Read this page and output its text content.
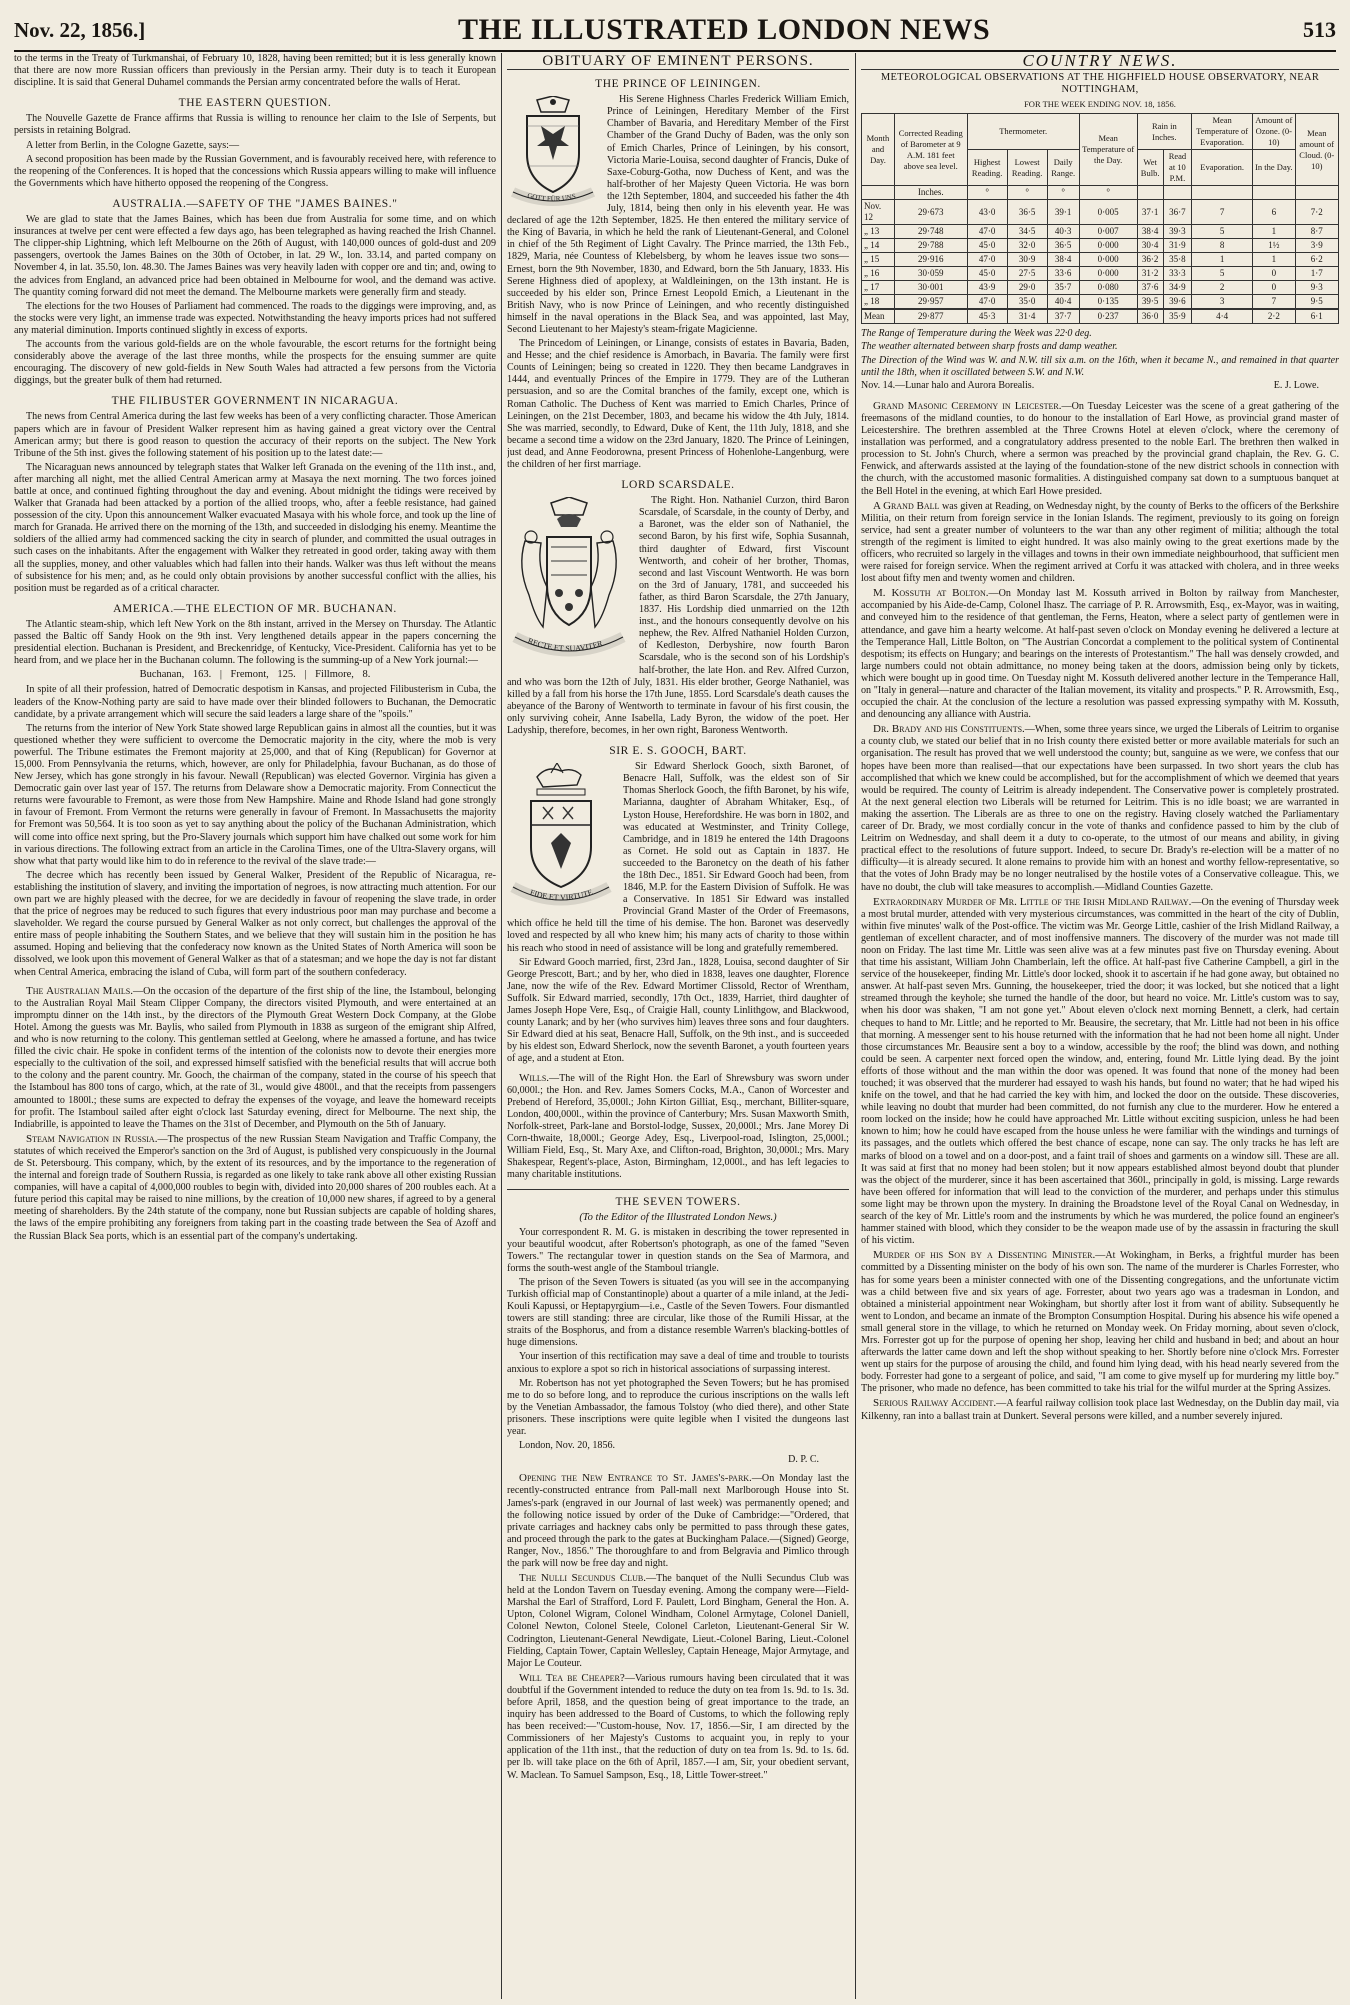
Nov. 22, 1856.]	THE ILLUSTRATED LONDON NEWS	513

to the terms in the Treaty of Turkmanshai, of February 10, 1828, having been remitted; but it is less generally known that there are now more Russian officers than previously in the Persian army. Their duty is to teach it European discipline. It is said that General Duhamel commands the Persian army concentrated before the walls of Herat.

THE EASTERN QUESTION.

The Nouvelle Gazette de France affirms that Russia is willing to renounce her claim to the Isle of Serpents, but persists in retaining Bolgrad.

A letter from Berlin, in the Cologne Gazette, says:—

A second proposition has been made by the Russian Government, and is favourably received here, with reference to the reopening of the Conferences. It is hoped that the concessions which Russia appears willing to make will influence the Governments which have hitherto opposed the reopening of the Congress.

AUSTRALIA.—SAFETY OF THE "JAMES BAINES."

We are glad to state that the James Baines, which has been due from Australia for some time, and on which insurances at twelve per cent were effected a few days ago, has been telegraphed as having reached the Irish Channel. The clipper-ship Lightning, which left Melbourne on the 26th of August, with 140,000 ounces of gold-dust and 209 passengers, overtook the James Baines on the 30th of October, in lat. 29 W., lon. 33.14, and parted company on November 4, in lat. 35.50, lon. 48.30. The James Baines was very heavily laden with copper ore and tin; and, owing to the advices from England, an advanced price had been obtained in Melbourne for wool, and the demand was active. The quantity coming forward did not meet the demand. The Melbourne markets were generally firm and steady.

The elections for the two Houses of Parliament had commenced. The roads to the diggings were improving, and, as the stocks were very light, an immense trade was expected. Notwithstanding the heavy imports prices had not suffered any material diminution. Imports continued slightly in excess of exports.

The accounts from the various gold-fields are on the whole favourable, the escort returns for the fortnight being considerably above the average of the last three months, while the prospects for the ensuing summer are quite encouraging. The discovery of new gold-fields in New South Wales had attracted a few persons from the Victoria diggings, but the greater bulk of them had returned.

THE FILIBUSTER GOVERNMENT IN NICARAGUA.

The news from Central America during the last few weeks has been of a very conflicting character. Those American papers which are in favour of President Walker represent him as having gained a great victory over the Central American army; but there is good reason to question the accuracy of their reports on the subject. The New York Tribune of the 5th inst. gives the following statement of his position up to the latest date:—

The Nicaraguan news announced by telegraph states that Walker left Granada on the evening of the 11th inst., and, after marching all night, met the allied Central American army at Masaya the next morning. The two forces joined battle at once, and continued fighting throughout the day and evening. About midnight the tidings were received by Walker that Granada had been attacked by a portion of the allied troops, who, after a feeble resistance, had gained possession of the city. Upon this announcement Walker evacuated Masaya with his whole force, and took up the line of march for Granada. He arrived there on the morning of the 13th, and succeeded in dislodging his enemy. Meantime the soldiers of the allied army had commenced sacking the city in search of plunder, and committed the usual outrages in such cases on the inhabitants. After the engagement with Walker they retreated in good order, taking away with them all the supplies, money, and other valuables which had fallen into their hands. Walker was thus left without the means of subsistence for his men; and, as he could only obtain provisions by another successful conflict with the allies, his position must be regarded as of a critical character.

AMERICA.—THE ELECTION OF MR. BUCHANAN.

The Atlantic steam-ship, which left New York on the 8th instant, arrived in the Mersey on Thursday. The Atlantic passed the Baltic off Sandy Hook on the 9th inst. Very lengthened details appear in the papers concerning the presidential election. Buchanan is President, and Breckenridge, of Kentucky, Vice-President. California has yet to be heard from, and we place her in the Buchanan column. The following is the summing-up of a New York journal:—

Buchanan, 163. | Fremont, 125. | Fillmore, 8.

In spite of all their profession, hatred of Democratic despotism in Kansas, and projected Filibusterism in Cuba, the leaders of the Know-Nothing party are said to have made over their blinded followers to Buchanan, the Democratic candidate, by a private arrangement which will secure the said leaders a large share of the "spoils."

The returns from the interior of New York State showed large Republican gains in almost all the counties, but it was questioned whether they were sufficient to overcome the Democratic majority in the city, where the mob is very powerful. The Tribune estimates the Fremont majority at 25,000, and that of King (Republican) for Governor at 15,000. From Pennsylvania the returns, which, however, are only for Philadelphia, favour Buchanan, as do those of New Jersey, which has gone strongly in his favour. Newall (Republican) was elected Governor. Virginia has given a Democratic gain over last year of 157. The returns from Delaware show a Democratic majority. From Connecticut the returns were favourable to Fremont, as were those from New Hampshire. Maine and Rhode Island had gone strongly in favour of Fremont. From Vermont the returns were generally in favour of Fremont. In Massachusetts the majority for Fremont was 50,564. It is too soon as yet to say anything about the policy of the Buchanan Administration, which will come into office next spring, but the Pro-Slavery journals which support him have chalked out some work for him in various directions. The following extract from an article in the Carolina Times, one of the Ultra-Slavery organs, will show what that party would like him to do in reference to the revival of the slave trade:—

The decree which has recently been issued by General Walker, President of the Republic of Nicaragua, re-establishing the institution of slavery, and inviting the importation of negroes, is now attracting much attention. For our own part we are highly pleased with the decree, for we are decidedly in favour of reopening the slave trade, in order that the price of negroes may be reduced to such figures that every industrious poor man may purchase and become a slaveholder. We regard the course pursued by General Walker as not only correct, but challenges the approval of the entire mass of people inhabiting the Southern States, and we believe that they will sustain him in the position he has assumed. Hoping and believing that the confederacy now known as the United States of North America will soon be dissolved, we look upon this movement of General Walker as that of a statesman; and we hope the day is not far distant when Central America, embracing the island of Cuba, will form part of the southern confederacy.

The Australian Mails.—On the occasion of the departure of the first ship of the line, the Istamboul, belonging to the Australian Royal Mail Steam Clipper Company, the directors visited Plymouth, and were entertained at an impromptu dinner on the 14th inst., by the directors of the Plymouth Great Western Dock Company, at the Globe Hotel. Among the guests was Mr. Baylis, who sailed from Plymouth in 1838 as surgeon of the emigrant ship Alfred, and who is now returning to the colony. This gentleman settled at Geelong, where he amassed a fortune, and has twice filled the civic chair. He spoke in confident terms of the intention of the colonists now to devote their energies more especially to the cultivation of the soil, and expressed himself satisfied with the beneficial results that will accrue both to the colony and the parent country. Mr. Gooch, the chairman of the company, stated in the course of his speech that the Istamboul has 800 tons of cargo, which, at the rate of 3l., would give 4800l., and that the receipts from passengers amounted to 1800l.; these sums are expected to defray the expenses of the voyage, and leave the homeward receipts for profit. The Istamboul sailed after eight o'clock last Saturday evening, direct for Melbourne. The next ship, the Indiabrille, is appointed to leave the Thames on the 31st of December, and Plymouth on the 5th of January.

Steam Navigation in Russia.—The prospectus of the new Russian Steam Navigation and Traffic Company, the statutes of which received the Emperor's sanction on the 3rd of August, is published very conspicuously in the Journal de St. Petersbourg. This company, which, by the extent of its resources, and by the importance to the regeneration of the internal and foreign trade of Southern Russia, is regarded as one likely to take rank above all other existing Russian companies, will have a capital of 4,000,000 roubles to begin with, divided into 20,000 shares of 200 roubles each. At a future period this capital may be raised to nine millions, by the creation of 10,000 new shares, if agreed to by a general meeting of shareholders. By the 24th statute of the company, none but Russian subjects are capable of holding shares, the laws of the empire prohibiting any foreigners from taking part in the coasting trade between the Sea of Azoff and the Russian Black Sea ports, which is an essential part of the company's undertaking.

OBITUARY OF EMINENT PERSONS.
THE PRINCE OF LEININGEN.
GOTT FÜR UNS

His Serene Highness Charles Frederick William Emich, Prince of Leiningen, Hereditary Member of the First Chamber of Bavaria, and Hereditary Member of the First Chamber of the Grand Duchy of Baden, was the only son of Emich Charles, Prince of Leiningen, by his consort, Victoria Marie-Louisa, second daughter of Francis, Duke of Saxe-Coburg-Gotha, now Duchess of Kent, and was the half-brother of her Majesty Queen Victoria. He was born the 12th September, 1804, and succeeded his father the 4th July, 1814, being then only in his eleventh year. He was declared of age the 12th September, 1825. He then entered the military service of the King of Bavaria, in which he held the rank of Lieutenant-General, and Colonel in chief of the 5th Regiment of Light Cavalry. The Prince married, the 13th Feb., 1829, Maria, née Countess of Klebelsberg, by whom he leaves issue two sons—Ernest, born the 9th November, 1830, and Edward, born the 5th January, 1833. His Serene Highness died of apoplexy, at Waldleiningen, on the 13th instant. He is succeeded by his elder son, Prince Ernest Leopold Emich, a Lieutenant in the British Navy, who is now Prince of Leiningen, and who recently distinguished himself in the naval operations in the Black Sea, and was appointed, last May, Second Lieutenant to her Majesty's steam-frigate Magicienne.

The Princedom of Leiningen, or Linange, consists of estates in Bavaria, Baden, and Hesse; and the chief residence is Amorbach, in Bavaria. The family were first Counts of Leiningen; being so created in 1220. They then became Landgraves in 1444, and eventually Princes of the Empire in 1779. They are of the Lutheran persuasion, and so are the Comital branches of the family, except one, which is Roman Catholic. The Duchess of Kent was married to Emich Charles, Prince of Leiningen, on the 21st December, 1803, and became his widow the 4th July, 1814. She was married, secondly, to Edward, Duke of Kent, the 11th July, 1818, and she became a second time a widow on the 23rd January, 1820. The Prince of Leiningen, just dead, and Anne Feodorowna, present Princess of Hohenlohe-Langenburg, were the children of her first marriage.

LORD SCARSDALE.
RECTE ET SUAVITER

The Right. Hon. Nathaniel Curzon, third Baron Scarsdale, of Scarsdale, in the county of Derby, and a Baronet, was the elder son of Nathaniel, the second Baron, by his first wife, Sophia Susannah, third daughter of Edward, first Viscount Wentworth, and coheir of her brother, Thomas, second and last Viscount Wentworth. He was born on the 3rd of January, 1781, and succeeded his father, as third Baron Scarsdale, the 27th January, 1837. His Lordship died unmarried on the 12th inst., and the honours consequently devolve on his nephew, the Rev. Alfred Nathaniel Holden Curzon, of Kedleston, Derbyshire, now fourth Baron Scarsdale, who is the second son of his Lordship's half-brother, the late Hon. and Rev. Alfred Curzon, and who was born the 12th of July, 1831. His elder brother, George Nathaniel, was killed by a fall from his horse the 17th June, 1855. Lord Scarsdale's death causes the abeyance of the Barony of Wentworth to terminate in favour of his first cousin, the only surviving coheir, Anne Isabella, Lady Byron, the widow of the poet. Her Ladyship, therefore, becomes, in her own right, Baroness Wentworth.

SIR E. S. GOOCH, BART.
FIDE ET VIRTUTE

Sir Edward Sherlock Gooch, sixth Baronet, of Benacre Hall, Suffolk, was the eldest son of Sir Thomas Sherlock Gooch, the fifth Baronet, by his wife, Marianna, daughter of Abraham Whitaker, Esq., of Lyston House, Herefordshire. He was born in 1802, and was educated at Westminster, and Trinity College, Cambridge, and in 1819 he entered the 14th Dragoons as Cornet. He sold out as Captain in 1837. He succeeded to the Baronetcy on the death of his father the 18th Dec., 1851. Sir Edward Gooch had been, from 1846, M.P. for the Eastern Division of Suffolk. He was a Conservative. In 1851 Sir Edward was installed Provincial Grand Master of the Order of Freemasons, which office he held till the time of his demise. The hon. Baronet was deservedly loved and respected by all who knew him; his many acts of charity to those within his reach who stood in need of assistance will be long and gratefully remembered.

Sir Edward Gooch married, first, 23rd Jan., 1828, Louisa, second daughter of Sir George Prescott, Bart.; and by her, who died in 1838, leaves one daughter, Florence Jane, now the wife of the Rev. Edward Mortimer Clissold, Rector of Wrentham, Suffolk. Sir Edward married, secondly, 17th Oct., 1839, Harriet, third daughter of James Joseph Hope Vere, Esq., of Craigie Hall, county Linlithgow, and Blackwood, county Lanark; and by her (who survives him) leaves three sons and four daughters. Sir Edward died at his seat, Benacre Hall, Suffolk, on the 9th inst., and is succeeded by his eldest son, Edward Sherlock, now the seventh Baronet, a youth fourteen years of age, and a student at Eton.

Wills.—The will of the Right Hon. the Earl of Shrewsbury was sworn under 60,000l.; the Hon. and Rev. James Somers Cocks, M.A., Canon of Worcester and Prebend of Hereford, 35,000l.; John Kirton Gilliat, Esq., merchant, Billiter-square, London, 400,000l., within the province of Canterbury; Mrs. Susan Maxworth Smith, Norfolk-street, Park-lane and Borstol-lodge, Sussex, 20,000l.; Mrs. Jane Morey Di Corn-thwaite, 18,000l.; George Adey, Esq., Liverpool-road, Islington, 25,000l.; William Field, Esq., St. Mary Axe, and Clifton-road, Brighton, 30,000l.; Mrs. Mary Shakespear, Regent's-place, Aston, Birmingham, 12,000l., and has left legacies to many charitable institutions.

THE SEVEN TOWERS.
(To the Editor of the Illustrated London News.)

Your correspondent R. M. G. is mistaken in describing the tower represented in your beautiful woodcut, after Robertson's photograph, as one of the famed "Seven Towers." The rectangular tower in question stands on the Sea of Marmora, and forms the south-west angle of the Stamboul triangle.

The prison of the Seven Towers is situated (as you will see in the accompanying Turkish official map of Constantinople) about a quarter of a mile inland, at the Jedi-Kouli Kapussi, or Heptapyrgium—i.e., Castle of the Seven Towers. Four dismantled towers are still standing: three are circular, like those of the Rumili Hissar, at the straits of the Bosphorus, and from a distance resemble Warren's blacking-bottles of huge dimensions.

Your insertion of this rectification may save a deal of time and trouble to tourists anxious to explore a spot so rich in historical associations of surpassing interest.

Mr. Robertson has not yet photographed the Seven Towers; but he has promised me to do so before long, and to reproduce the curious inscriptions on the walls left by the Venetian Ambassador, the famous Tolstoy (who died there), and other State prisoners. These inscriptions were quite legible when I visited the dungeons last year.

London, Nov. 20, 1856.

D. P. C.

Opening the New Entrance to St. James's-park.—On Monday last the recently-constructed entrance from Pall-mall next Marlborough House into St. James's-park (engraved in our Journal of last week) was permanently opened; and the following notice issued by order of the Duke of Cambridge:—"Ordered, that private carriages and hackney cabs only be permitted to pass through these gates, and proceed through the park to the gates at Buckingham Palace.—(Signed) George, Ranger, Nov., 1856." The thoroughfare to and from Belgravia and Pimlico through the park will now be free day and night.

The Nulli Secundus Club.—The banquet of the Nulli Secundus Club was held at the London Tavern on Tuesday evening. Among the company were—Field-Marshal the Earl of Strafford, Lord F. Paulett, Lord Bingham, General the Hon. A. Upton, Colonel Wigram, Colonel Windham, Colonel Armytage, Colonel Daniell, Colonel Newton, Colonel Steele, Colonel Carleton, Lieutenant-General Sir W. Codrington, Lieutenant-General Newdigate, Lieut.-Colonel Baring, Lieut.-Colonel Fielding, Captain Tower, Captain Wellesley, Captain Heneage, Major Armytage, and Major Le Couteur.

Will Tea be Cheaper?—Various rumours having been circulated that it was doubtful if the Government intended to reduce the duty on tea from 1s. 9d. to 1s. 3d. before April, 1858, and the question being of great importance to the trade, an inquiry has been addressed to the Board of Customs, to which the following reply has been received:—"Custom-house, Nov. 17, 1856.—Sir, I am directed by the Commissioners of her Majesty's Customs to acquaint you, in reply to your application of the 11th inst., that the reduction of duty on tea from 1s. 9d. to 1s. 6d. per lb. will take place on the 6th of April, 1857.—I am, Sir, your obedient servant, W. Maclean. To Samuel Sampson, Esq., 18, Little Tower-street."

COUNTRY NEWS.
METEOROLOGICAL OBSERVATIONS AT THE HIGHFIELD HOUSE OBSERVATORY, NEAR NOTTINGHAM,
FOR THE WEEK ENDING NOV. 18, 1856.
Month and Day.	Corrected Reading of Barometer at 9 A.M. 181 feet above sea level.	Thermometer.			Mean Temperature of the Day.	Rain in Inches.		Mean Temperature of Evaporation.	Amount of Ozone. (0-10)	Mean amount of Cloud. (0-10)
		Highest Reading.	Lowest Reading.	Daily Range.		Wet Bulb.	Read at 10 P.M.	Evaporation.	In the Day.	
	Inches.	°	°	°	°					
Nov. 12	29·673	43·0	36·5	39·1	0·005	37·1	36·7	7	6	7·2
„ 13	29·748	47·0	34·5	40·3	0·007	38·4	39·3	5	1	8·7
„ 14	29·788	45·0	32·0	36·5	0·000	30·4	31·9	8	1½	3·9
„ 15	29·916	47·0	30·9	38·4	0·000	36·2	35·8	1	1	6·2
„ 16	30·059	45·0	27·5	33·6	0·000	31·2	33·3	5	0	1·7
„ 17	30·001	43·9	29·0	35·7	0·080	37·6	34·9	2	0	9·3
„ 18	29·957	47·0	35·0	40·4	0·135	39·5	39·6	3	7	9·5
Mean	29·877	45·3	31·4	37·7	0·237	36·0	35·9	4·4	2·2	6·1

The Range of Temperature during the Week was 22·0 deg.

The weather alternated between sharp frosts and damp weather.

The Direction of the Wind was W. and N.W. till six a.m. on the 16th, when it became N., and remained in that quarter until the 18th, when it oscillated between S.W. and N.W.

Nov. 14.—Lunar halo and Aurora Borealis.	E. J. Lowe.

Grand Masonic Ceremony in Leicester.—On Tuesday Leicester was the scene of a great gathering of the freemasons of the midland counties, to do honour to the installation of Earl Howe, as provincial grand master of Leicestershire. The brethren assembled at the Three Crowns Hotel at eleven o'clock, where the ceremony of installation was performed, and a congratulatory address presented to the noble Earl. The brethren then walked in procession to St. John's Church, where a sermon was preached by the provincial grand chaplain, the Rev. G. C. Fenwick, and afterwards assisted at the laying of the foundation-stone of the new district schools in connection with the church, with the accustomed masonic formalities. A distinguished company sat down to a sumptuous banquet at the Bell Hotel in the evening, at which Earl Howe presided.

A Grand Ball was given at Reading, on Wednesday night, by the county of Berks to the officers of the Berkshire Militia, on their return from foreign service in the Ionian Islands. The regiment, previously to its going on foreign service, had sent a greater number of volunteers to the war than any other regiment of militia; although the total strength of the regiment is limited to eight hundred. It was also mainly owing to the great exertions made by the officers, who recruited so largely in the villages and towns in their own immediate neighbourhood, that sufficient men were raised for foreign service. When the regiment arrived at Corfu it was attacked with cholera, and in three weeks lost about fifty men and twenty women and children.

M. Kossuth at Bolton.—On Monday last M. Kossuth arrived in Bolton by railway from Manchester, accompanied by his Aide-de-Camp, Colonel Ihasz. The carriage of P. R. Arrowsmith, Esq., ex-Mayor, was in waiting, and conveyed him to the residence of that gentleman, the Ferns, Heaton, where a select party of gentlemen were in attendance, and gave him a hearty welcome. At half-past seven o'clock on Monday evening he delivered a lecture at the Temperance Hall, Little Bolton, on "The Austrian Concordat a complement to the political system of Continental despotism; its effects on Hungary; and bearings on the interests of Protestantism." The hall was densely crowded, and large numbers could not obtain admittance, no money being taken at the doors, admission being only by tickets, which were bought up in good time. On Tuesday night M. Kossuth delivered another lecture in the Temperance Hall, on "Italy in general—nature and character of the Italian movement, its vitality and prospects." P. R. Arrowsmith, Esq., occupied the chair. At the conclusion of the lecture a resolution was passed expressing sympathy with M. Kossuth, and denouncing any alliance with Austria.

Dr. Brady and his Constituents.—When, some three years since, we urged the Liberals of Leitrim to organise a county club, we stated our belief that in no Irish county there existed better or more available materials for such an organisation. The result has proved that we well understood the county; but, sanguine as we were, we confess that our hopes have been more than realised—that our expectations have been surpassed. In two short years the club has accomplished that which we knew could be accomplished, but for the accomplishment of which we deemed that years would be required. The county of Leitrim is already independent. The Conservative power is completely prostrated. At the next general election two Liberals will be returned for Leitrim. This is no idle boast; we are warranted in making the assertion. The Liberals are as three to one on the registry. Having closely watched the Parliamentary career of Dr. Brady, we most cordially concur in the vote of thanks and confidence passed to him by the club of Leitrim on Wednesday, and shall deem it a duty to co-operate, to the utmost of our means and ability, in giving practical effect to the resolutions of future support. Indeed, to secure Dr. Brady's re-election will be a matter of no difficulty—it is already secured. It alone remains to provide him with an honest and worthy fellow-representative, so that the votes of John Brady may be no longer neutralised by the hostile votes of a Conservative colleague. This, we have no doubt, the club will take measures to accomplish.—Midland Counties Gazette.

Extraordinary Murder of Mr. Little of the Irish Midland Railway.—On the evening of Thursday week a most brutal murder, attended with very mysterious circumstances, was committed in the heart of the city of Dublin, within five minutes' walk of the Post-office. The victim was Mr. George Little, cashier of the Irish Midland Railway, a gentleman of excellent character, and of most inoffensive manners. The discovery of the murder was not made till noon on Friday. The last time Mr. Little was seen alive was at a few minutes past five on Thursday evening. About that time his assistant, William John Chamberlain, left the office. At half-past five Catherine Campbell, a girl in the service of the housekeeper, finding Mr. Little's door locked, shook it to ascertain if he had gone away, but obtained no answer. At half-past seven Mrs. Gunning, the housekeeper, tried the door; it was locked, but she noticed that a light streamed through the keyhole; she turned the handle of the door, but heard no voice. Mr. Little's custom was to say, when his door was shaken, "I am not gone yet." About eleven o'clock next morning Bennett, a clerk, had certain cheques to hand to Mr. Little; and he reported to Mr. Beausire, the secretary, that Mr. Little had not been in his office that morning. A messenger sent to his house returned with the information that he had not been home all night. Under those circumstances Mr. Beausire sent a boy to a window, accessible by the roof; the blind was down, and nothing could be seen. A carpenter next forced open the window, and, entering, found Mr. Little lying dead. By the joint efforts of those without and the man within the door was opened. It was found that none of the money had been touched; it was observed that the murderer had essayed to wash his hands, but found no water; that he had wiped his knife on the towel, and that he had carried the key with him, and locked the door on the outside. These discoveries, while leaving no doubt that murder had been committed, do not furnish any clue to the murderer. How he entered a room locked on the inside; how he could have approached Mr. Little without exciting suspicion, unless he had been known to him; how he could have escaped from the house unless he were familiar with the windings and turnings of its passages, and the outlets which offered the best chance of escape, none can say. The only tracks he has left are marks of blood on a towel and on a door-post, and a faint trail of shoes and garments on a window sill. These are all. It was said at first that no money had been stolen; but it now appears established almost beyond doubt that plunder was the object of the murderer, since it has been ascertained that 360l., principally in gold, is missing. Large rewards have been offered for information that will lead to the conviction of the murderer, and perhaps under this stimulus some light may be thrown upon the mystery. In draining the Broadstone level of the Royal Canal on Wednesday, in search of the key of Mr. Little's room and the instruments by which he was murdered, the police found an engineer's hammer stained with blood, which they consider to be the weapon made use of by the assassin in fracturing the skull of his victim.

Murder of his Son by a Dissenting Minister.—At Wokingham, in Berks, a frightful murder has been committed by a Dissenting minister on the body of his own son. The name of the murderer is Charles Forrester, who has for some years been a minister connected with one of the Dissenting congregations, and the unfortunate victim was a child between five and six years of age. Forrester, about two years ago was a tradesman in London, and obtained a ministerial appointment near Wokingham, but shortly after lost it from want of ability. Subsequently he went to London, and became an inmate of the Brompton Consumption Hospital. During his absence his wife opened a small general store in the village, to which he returned on Monday week. On Friday morning, about seven o'clock, Mrs. Forrester got up for the purpose of opening her shop, leaving her child and husband in bed; and about an hour afterwards the latter came down and left the shop without speaking to her. Shortly before nine o'clock Mrs. Forrester went up stairs for the purpose of arousing the child, and found him lying dead, with his head nearly severed from the body. Forrester had gone to a sergeant of police, and said, "I am come to give myself up for murdering my little boy." The prisoner, who made no defence, has been committed to take his trial for the wilful murder at the Spring Assizes.

Serious Railway Accident.—A fearful railway collision took place last Wednesday, on the Dublin day mail, via Kilkenny, ran into a ballast train at Dunkert. Several persons were killed, and a number severely injured.
